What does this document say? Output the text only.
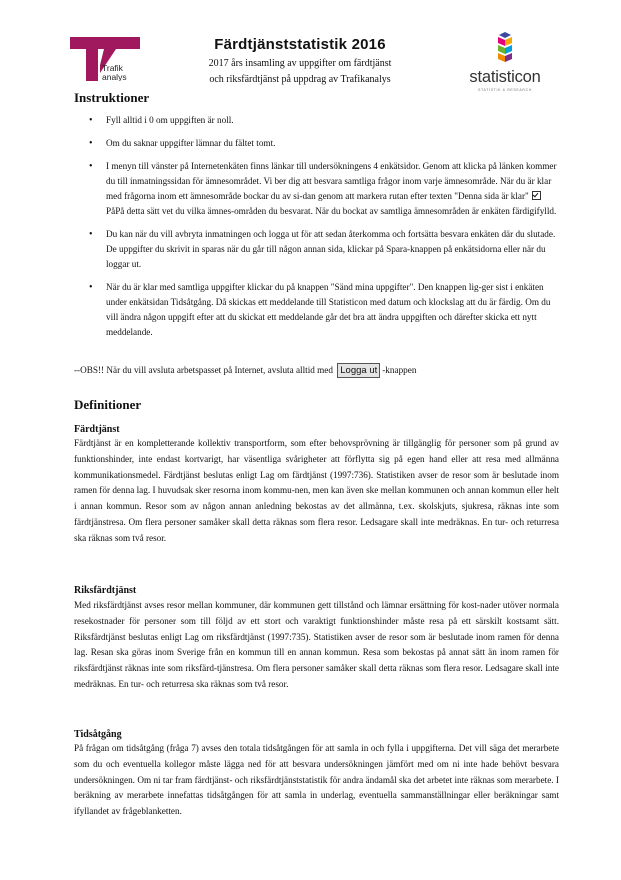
Trafik
analys
Färdtjänststatistik 2016
2017 års insamling av uppgifter om färdtjänst
och riksfärdtjänst på uppdrag av Trafikanalys	statisticon
STATISTIK & RESEARCH
Instruktioner
• Fyll alltid i 0 om uppgiften är noll.
• Om du saknar uppgifter lämnar du fältet tomt.
• I menyn till vänster på Internetenkäten finns länkar till undersökningens 4 enkätsidor. Genom att klicka på länken kommer du till inmatningssidan för ämnesområdet. Vi ber dig att besvara samtliga frågor inom varje ämnesområde. När du är klar med frågorna inom ett ämnesområde bockar du av si-dan genom att markera rutan efter texten "Denna sida är klar"PåPå detta sätt vet du vilka ämnes-områden du besvarat. När du bockat av samtliga ämnesområden är enkäten färdigifylld.
• Du kan när du vill avbryta inmatningen och logga ut för att sedan återkomma och fortsätta besvara enkäten där du slutade. De uppgifter du skrivit in sparas när du går till någon annan sida, klickar på Spara-knappen på enkätsidorna eller när du loggar ut.
• När du är klar med samtliga uppgifter klickar du på knappen "Sänd mina uppgifter". Den knappen lig-ger sist i enkäten under enkätsidan Tidsåtgång. Då skickas ett meddelande till Statisticon med datum och klockslag att du är färdig. Om du vill ändra någon uppgift efter att du skickat ett meddelande går det bra att ändra uppgiften och därefter skicka ett nytt meddelande.
--OBS!! När du vill avsluta arbetspasset på Internet, avsluta alltid med Logga ut -knappen
Definitioner
Färdtjänst

Färdtjänst är en kompletterande kollektiv transportform, som efter behovsprövning är tillgänglig för personer som på grund av funktionshinder, inte endast kortvarigt, har väsentliga svårigheter att förflytta sig på egen hand eller att resa med allmänna kommunikationsmedel. Färdtjänst beslutas enligt Lag om färdtjänst (1997:736). Statistiken avser de resor som är beslutade inom ramen för denna lag. I huvudsak sker resorna inom kommu-nen, men kan även ske mellan kommunen och annan kommun eller helt i annan kommun. Resor som av någon annan anledning bekostas av det allmänna, t.ex. skolskjuts, sjukresa, räknas inte som färdtjänstresa. Om flera personer samåker skall detta räknas som flera resor. Ledsagare skall inte medräknas. En tur- och returresa ska räknas som två resor.

Riksfärdtjänst

Med riksfärdtjänst avses resor mellan kommuner, där kommunen gett tillstånd och lämnar ersättning för kost-nader utöver normala resekostnader för personer som till följd av ett stort och varaktigt funktionshinder måste resa på ett särskilt kostsamt sätt. Riksfärdtjänst beslutas enligt Lag om riksfärdtjänst (1997:735). Statistiken avser de resor som är beslutade inom ramen för denna lag. Resan ska göras inom Sverige från en kommun till en annan kommun. Resa som bekostas på annat sätt än inom ramen för riksfärdtjänst räknas inte som riksfärd-tjänstresa. Om flera personer samåker skall detta räknas som flera resor. Ledsagare skall inte medräknas. En tur- och returresa ska räknas som två resor.

Tidsåtgång

På frågan om tidsåtgång (fråga 7) avses den totala tidsåtgången för att samla in och fylla i uppgifterna. Det vill säga det merarbete som du och eventuella kollegor måste lägga ned för att besvara undersökningen jämfört med om ni inte hade behövt besvara undersökningen. Om ni tar fram färdtjänst- och riksfärdtjänststatistik för andra ändamål ska det arbetet inte räknas som merarbete. I beräkning av merarbete innefattas tidsåtgången för att samla in underlag, eventuella sammanställningar eller beräkningar samt ifyllandet av frågeblanketten.
